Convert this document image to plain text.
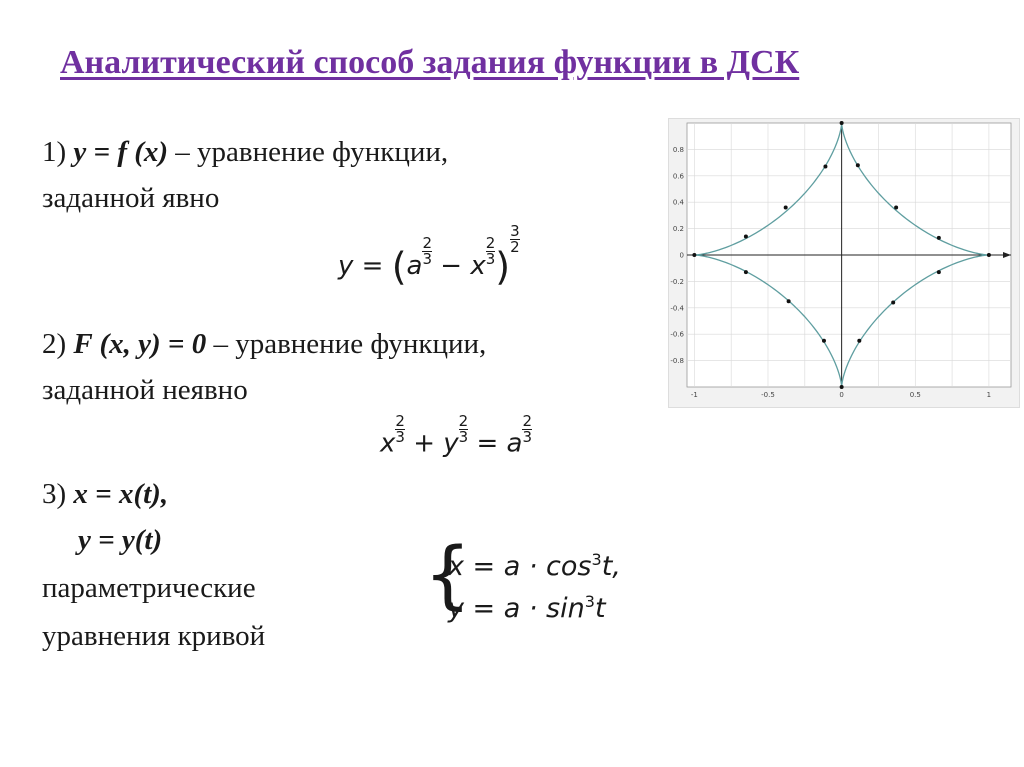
Аналитический способ задания функции в ДСК
1) y = f (x) – уравнение функции,
заданной явно
$y = (a \frac{2}{3} - x \frac{2}{3}$ )
$\frac{3}{2}$
2) F (x, y) = 0 – уравнение функции,
заданной неявно
x $\frac{2}{3} + y \frac{2}{3} = a \frac{2}{3}$
3) x = x(t),
y = y(t)
параметрические
уравнения кривой
{
$x = a \cdot \cos^3t$,
$y = a \cdot \sin^3t$
-1	-0.5	0	0.5	1
0.8
0.6
0.4
0.2
0
-0.2
-0.4
-0.6
-0.8
